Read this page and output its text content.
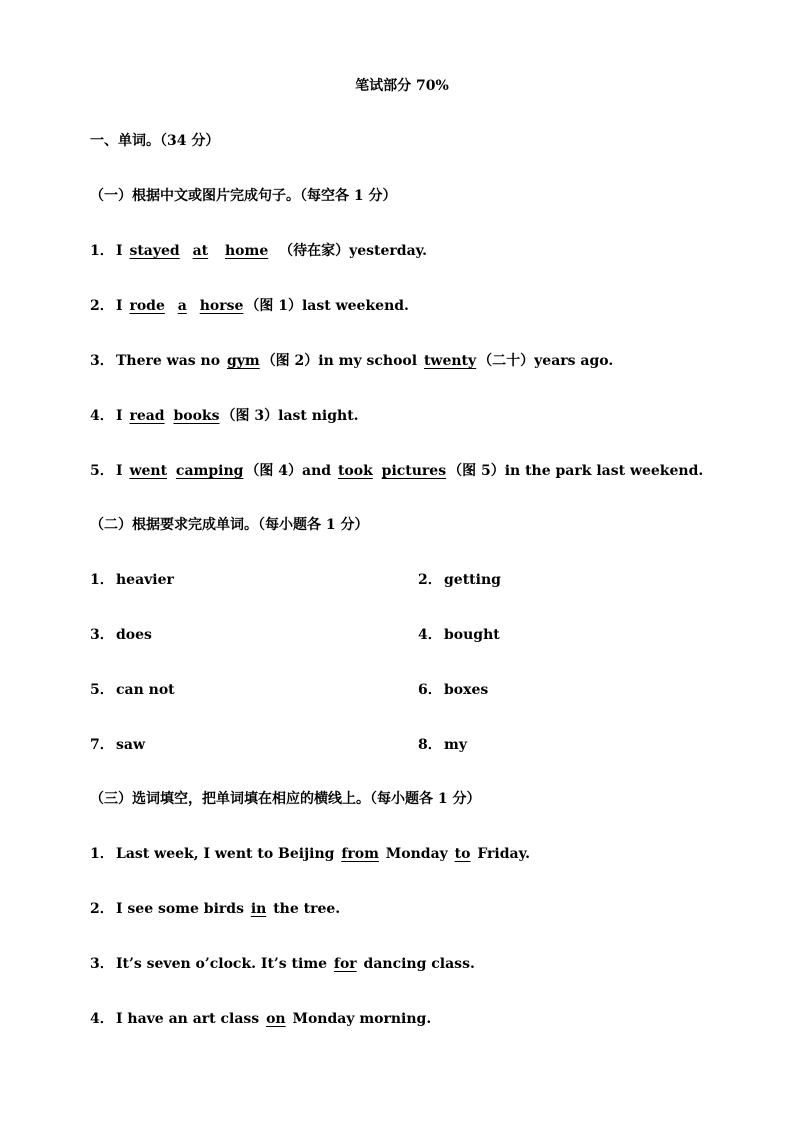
笔试部分 70%
一、单词。（34 分）
（一）根据中文或图片完成句子。（每空各 1 分）
1． I stayed at home （待在家）yesterday.
2． I rode a horse （图 1）last weekend.
3． There was no gym （图 2）in my school twenty （二十）years ago.
4． I read books （图 3）last night.
5． I went camping （图 4）and took pictures （图 5）in the park last weekend.
（二）根据要求完成单词。（每小题各 1 分）
1． heavier	2． getting
3． does	4． bought
5． can not	6． boxes
7． saw	8． my
（三）选词填空，把单词填在相应的横线上。（每小题各 1 分）
1． Last week, I went to Beijing from Monday to Friday.
2． I see some birds in the tree.
3． It’s seven o’clock. It’s time for dancing class.
4． I have an art class on Monday morning.
